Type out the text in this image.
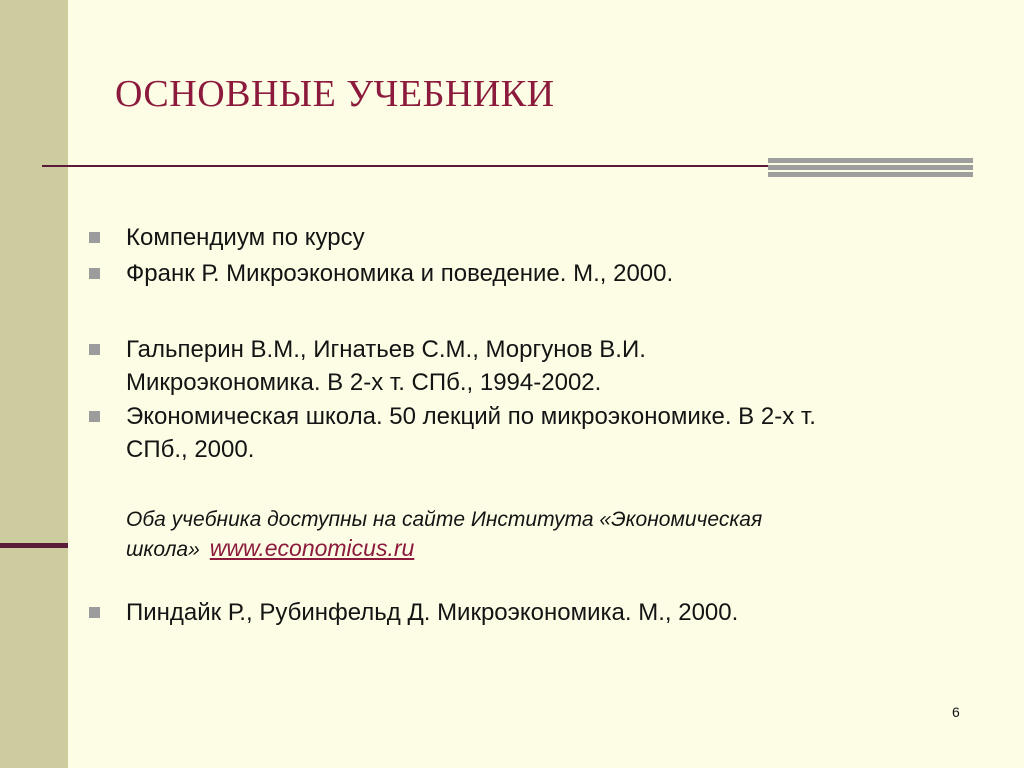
ОСНОВНЫЕ УЧЕБНИКИ
Компендиум по курсу
Франк Р. Микроэкономика и поведение. М., 2000.
Гальперин В.М., Игнатьев С.М., Моргунов В.И.
Микроэкономика. В 2-х т. СПб., 1994-2002.
Экономическая школа. 50 лекций по микроэкономике. В 2-х т.
СПб., 2000.
Оба учебника доступны на сайте Института «Экономическая
школа» www.economicus.ru
Пиндайк Р., Рубинфельд Д. Микроэкономика. М., 2000.
6
